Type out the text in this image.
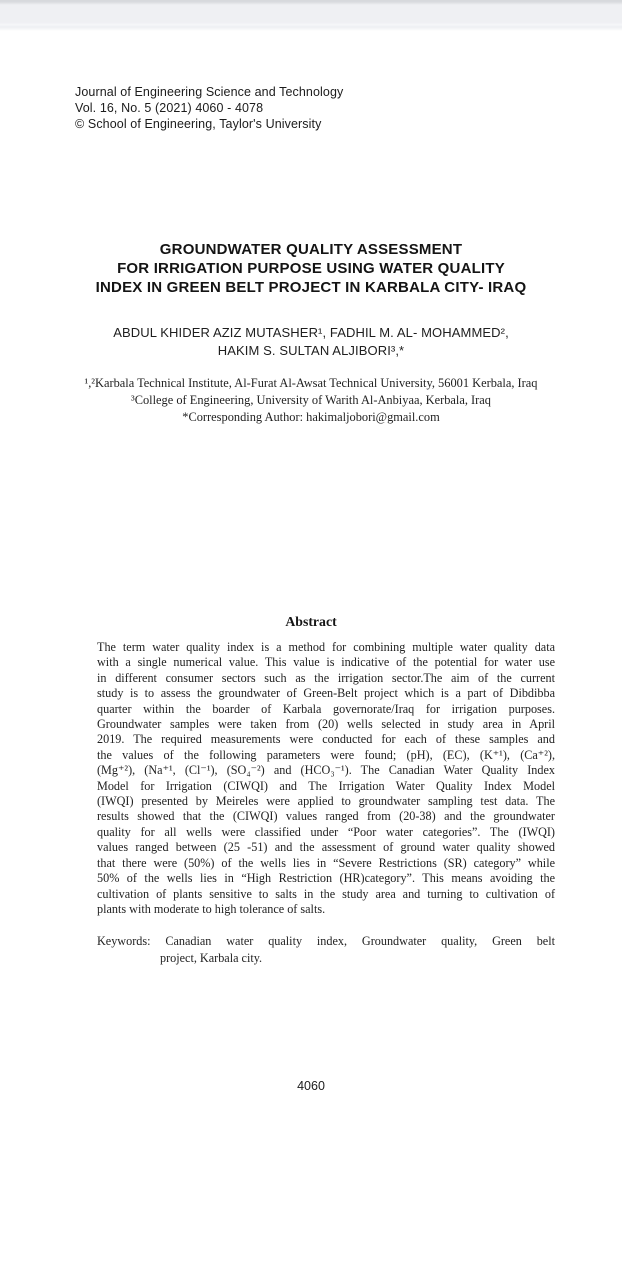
Journal of Engineering Science and Technology
Vol. 16, No. 5 (2021) 4060 - 4078
© School of Engineering, Taylor's University
GROUNDWATER QUALITY ASSESSMENT
FOR IRRIGATION PURPOSE USING WATER QUALITY
INDEX IN GREEN BELT PROJECT IN KARBALA CITY- IRAQ
ABDUL KHIDER AZIZ MUTASHER¹, FADHIL M. AL- MOHAMMED²,
HAKIM S. SULTAN ALJIBORI³,*
¹,²Karbala Technical Institute, Al-Furat Al-Awsat Technical University, 56001 Kerbala, Iraq
³College of Engineering, University of Warith Al-Anbiyaa, Kerbala, Iraq
*Corresponding Author: hakimaljobori@gmail.com
Abstract
The term water quality index is a method for combining multiple water quality data
with a single numerical value. This value is indicative of the potential for water use
in different consumer sectors such as the irrigation sector.The aim of the current
study is to assess the groundwater of Green-Belt project which is a part of Dibdibba
quarter within the boarder of Karbala governorate/Iraq for irrigation purposes.
Groundwater samples were taken from (20) wells selected in study area in April
2019. The required measurements were conducted for each of these samples and
the values of the following parameters were found; (pH), (EC), (K⁺¹), (Ca⁺²),
(Mg⁺²), (Na⁺¹, (Cl⁻¹), (SO₄⁻²) and (HCO₃⁻¹). The Canadian Water Quality Index
Model for Irrigation (CIWQI) and The Irrigation Water Quality Index Model
(IWQI) presented by Meireles were applied to groundwater sampling test data. The
results showed that the (CIWQI) values ranged from (20-38) and the groundwater
quality for all wells were classified under “Poor water categories”. The (IWQI)
values ranged between (25 -51) and the assessment of ground water quality showed
that there were (50%) of the wells lies in “Severe Restrictions (SR) category” while
50% of the wells lies in “High Restriction (HR)category”. This means avoiding the
cultivation of plants sensitive to salts in the study area and turning to cultivation of
plants with moderate to high tolerance of salts.
Keywords: Canadian water quality index, Groundwater quality, Green belt
project, Karbala city.
4060
